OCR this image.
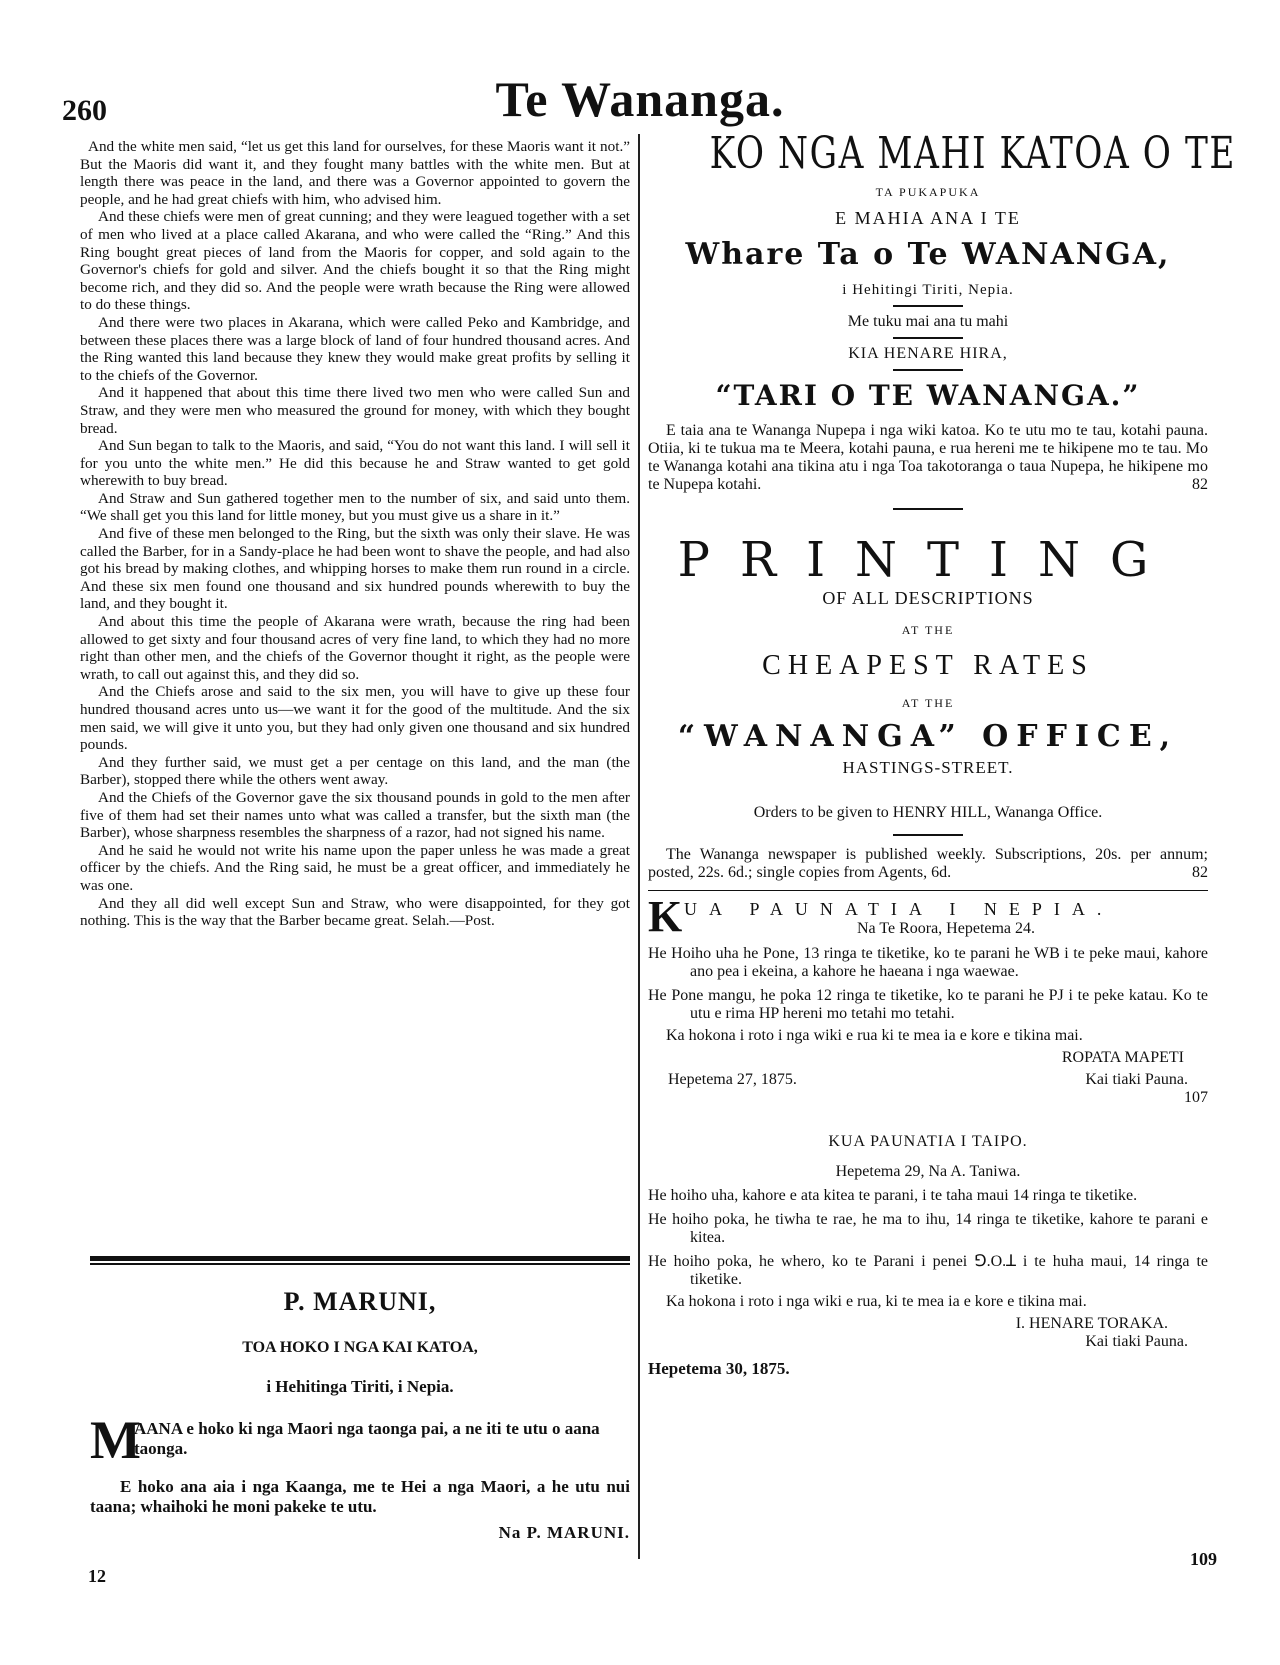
260	Te Wananga.

And the white men said, “let us get this land for ourselves, for these Maoris want it not.” But the Maoris did want it, and they fought many battles with the white men. But at length there was peace in the land, and there was a Governor appointed to govern the people, and he had great chiefs with him, who advised him.

And these chiefs were men of great cunning; and they were leagued together with a set of men who lived at a place called Akarana, and who were called the “Ring.” And this Ring bought great pieces of land from the Maoris for copper, and sold again to the Governor's chiefs for gold and silver. And the chiefs bought it so that the Ring might become rich, and they did so. And the people were wrath because the Ring were allowed to do these things.

And there were two places in Akarana, which were called Peko and Kambridge, and between these places there was a large block of land of four hundred thousand acres. And the Ring wanted this land because they knew they would make great profits by selling it to the chiefs of the Governor.

And it happened that about this time there lived two men who were called Sun and Straw, and they were men who measured the ground for money, with which they bought bread.

And Sun began to talk to the Maoris, and said, “You do not want this land. I will sell it for you unto the white men.” He did this because he and Straw wanted to get gold wherewith to buy bread.

And Straw and Sun gathered together men to the number of six, and said unto them. “We shall get you this land for little money, but you must give us a share in it.”

And five of these men belonged to the Ring, but the sixth was only their slave. He was called the Barber, for in a Sandy-place he had been wont to shave the people, and had also got his bread by making clothes, and whipping horses to make them run round in a circle. And these six men found one thousand and six hundred pounds wherewith to buy the land, and they bought it.

And about this time the people of Akarana were wrath, because the ring had been allowed to get sixty and four thousand acres of very fine land, to which they had no more right than other men, and the chiefs of the Governor thought it right, as the people were wrath, to call out against this, and they did so.

And the Chiefs arose and said to the six men, you will have to give up these four hundred thousand acres unto us—we want it for the good of the multitude. And the six men said, we will give it unto you, but they had only given one thousand and six hundred pounds.

And they further said, we must get a per centage on this land, and the man (the Barber), stopped there while the others went away.

And the Chiefs of the Governor gave the six thousand pounds in gold to the men after five of them had set their names unto what was called a transfer, but the sixth man (the Barber), whose sharpness resembles the sharpness of a razor, had not signed his name.

And he said he would not write his name upon the paper unless he was made a great officer by the chiefs. And the Ring said, he must be a great officer, and immediately he was one.

And they all did well except Sun and Straw, who were disappointed, for they got nothing. This is the way that the Barber became great. Selah.—Post.

P. MARUNI,
TOA HOKO I NGA KAI KATOA,
i Hehitinga Tiriti, i Nepia.
M
AANA e hoko ki nga Maori nga taonga pai, a ne iti te utu o aana taonga.
E hoko ana aia i nga Kaanga, me te Hei a nga Maori, a he utu nui taana; whaihoki he moni pakeke te utu.
Na P. MARUNI.
12
109
KO NGA MAHI KATOA O TE
TA PUKAPUKA
E MAHIA ANA I TE
Whare Ta o Te WANANGA,
i Hehitingi Tiriti, Nepia.
Me tuku mai ana tu mahi
KIA HENARE HIRA,
“TARI O TE WANANGA.”

E taia ana te Wananga Nupepa i nga wiki katoa. Ko te utu mo te tau, kotahi pauna. Otiia, ki te tukua ma te Meera, kotahi pauna, e rua hereni me te hikipene mo te tau. Mo te Wananga kotahi ana tikina atu i nga Toa takotoranga o taua Nupepa, he hikipene mo te Nupepa kotahi.	82
PRINTING
OF ALL DESCRIPTIONS
AT THE
CHEAPEST RATES
AT THE
“WANANGA” OFFICE,
HASTINGS-STREET.
Orders to be given to HENRY HILL, Wananga Office.

The Wananga newspaper is published weekly. Subscriptions, 20s. per annum; posted, 22s. 6d.; single copies from Agents, 6d.	82
K UA PAUNATIA I NEPIA.
Na Te Roora, Hepetema 24.

He Hoiho uha he Pone, 13 ringa te tiketike, ko te parani he WB i te peke maui, kahore ano pea i ekeina, a kahore he haeana i nga waewae.

He Pone mangu, he poka 12 ringa te tiketike, ko te parani he PJ i te peke katau. Ko te utu e rima HP hereni mo tetahi mo tetahi.

Ka hokona i roto i nga wiki e rua ki te mea ia e kore e tikina mai.

ROPATA MAPETI
Hepetema 27, 1875.	Kai tiaki Pauna.
107
KUA PAUNATIA I TAIPO.
Hepetema 29, Na A. Taniwa.

He hoiho uha, kahore e ata kitea te parani, i te taha maui 14 ringa te tiketike.

He hoiho poka, he tiwha te rae, he ma to ihu, 14 ringa te tiketike, kahore te parani e kitea.

He hoiho poka, he whero, ko te Parani i penei ꓨ.O.ꓕ i te huha maui, 14 ringa te tiketike.

Ka hokona i roto i nga wiki e rua, ki te mea ia e kore e tikina mai.

I. HENARE TORAKA.
Kai tiaki Pauna.
Hepetema 30, 1875.
